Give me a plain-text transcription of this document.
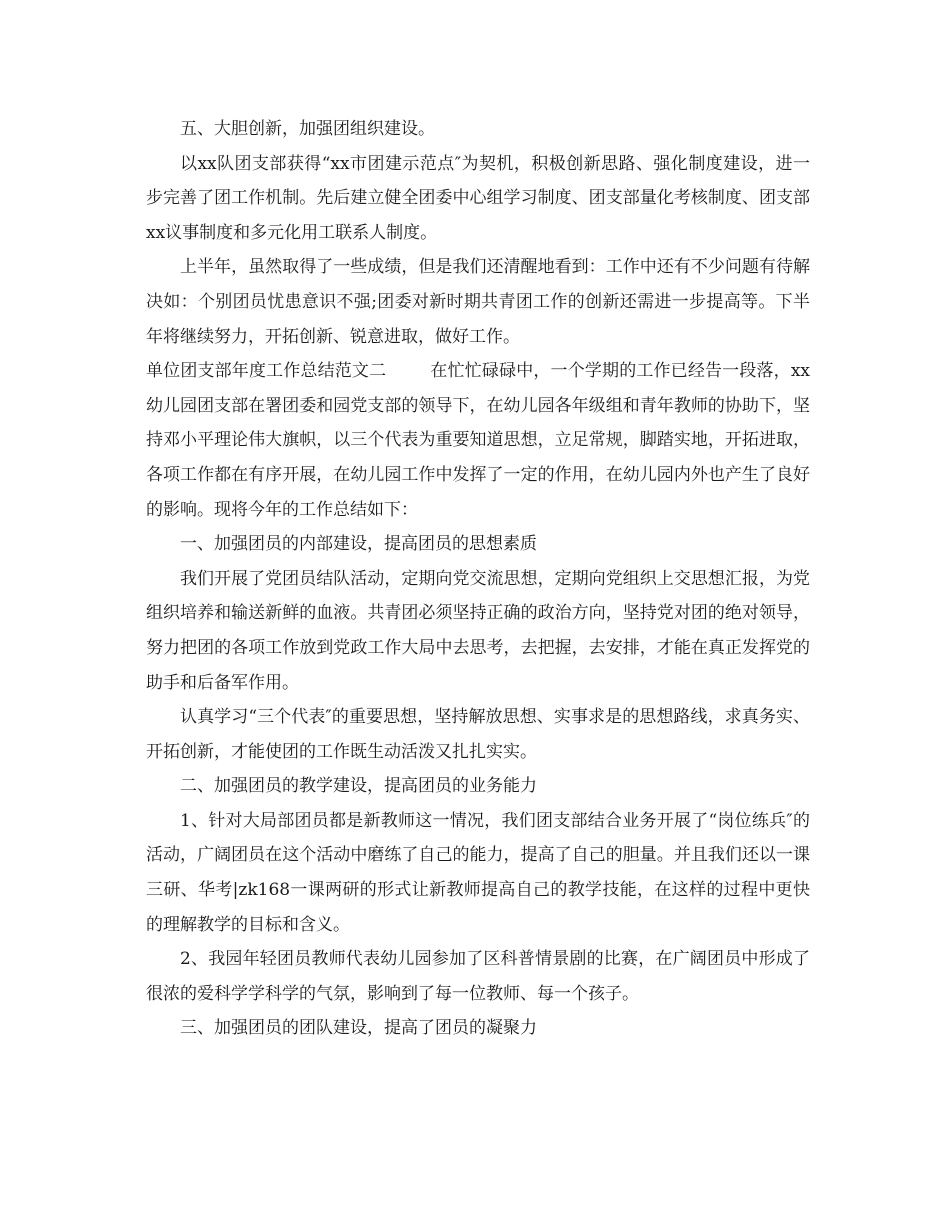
五、大胆创新，加强团组织建设。

以xx队团支部获得“xx市团建示范点″为契机，积极创新思路、强化制度建设，进一步完善了团工作机制。先后建立健全团委中心组学习制度、团支部量化考核制度、团支部xx议事制度和多元化用工联系人制度。

上半年，虽然取得了一些成绩，但是我们还清醒地看到：工作中还有不少问题有待解决如：个别团员忧患意识不强;团委对新时期共青团工作的创新还需进一步提高等。下半年将继续努力，开拓创新、锐意进取，做好工作。

单位团支部年度工作总结范文二	在忙忙碌碌中，一个学期的工作已经告一段落，xx幼儿园团支部在署团委和园党支部的领导下，在幼儿园各年级组和青年教师的协助下，坚持邓小平理论伟大旗帜，以三个代表为重要知道思想，立足常规，脚踏实地，开拓进取，各项工作都在有序开展，在幼儿园工作中发挥了一定的作用，在幼儿园内外也产生了良好的影响。现将今年的工作总结如下：

一、加强团员的内部建设，提高团员的思想素质

我们开展了党团员结队活动，定期向党交流思想，定期向党组织上交思想汇报，为党组织培养和输送新鲜的血液。共青团必须坚持正确的政治方向，坚持党对团的绝对领导，努力把团的各项工作放到党政工作大局中去思考，去把握，去安排，才能在真正发挥党的助手和后备军作用。

认真学习“三个代表″的重要思想，坚持解放思想、实事求是的思想路线，求真务实、开拓创新，才能使团的工作既生动活泼又扎扎实实。

二、加强团员的教学建设，提高团员的业务能力

1、针对大局部团员都是新教师这一情况，我们团支部结合业务开展了“岗位练兵″的活动，广阔团员在这个活动中磨练了自己的能力，提高了自己的胆量。并且我们还以一课三研、华考|zk168一课两研的形式让新教师提高自己的教学技能，在这样的过程中更快的理解教学的目标和含义。

2、我园年轻团员教师代表幼儿园参加了区科普情景剧的比赛，在广阔团员中形成了很浓的爱科学学科学的气氛，影响到了每一位教师、每一个孩子。

三、加强团员的团队建设，提高了团员的凝聚力
